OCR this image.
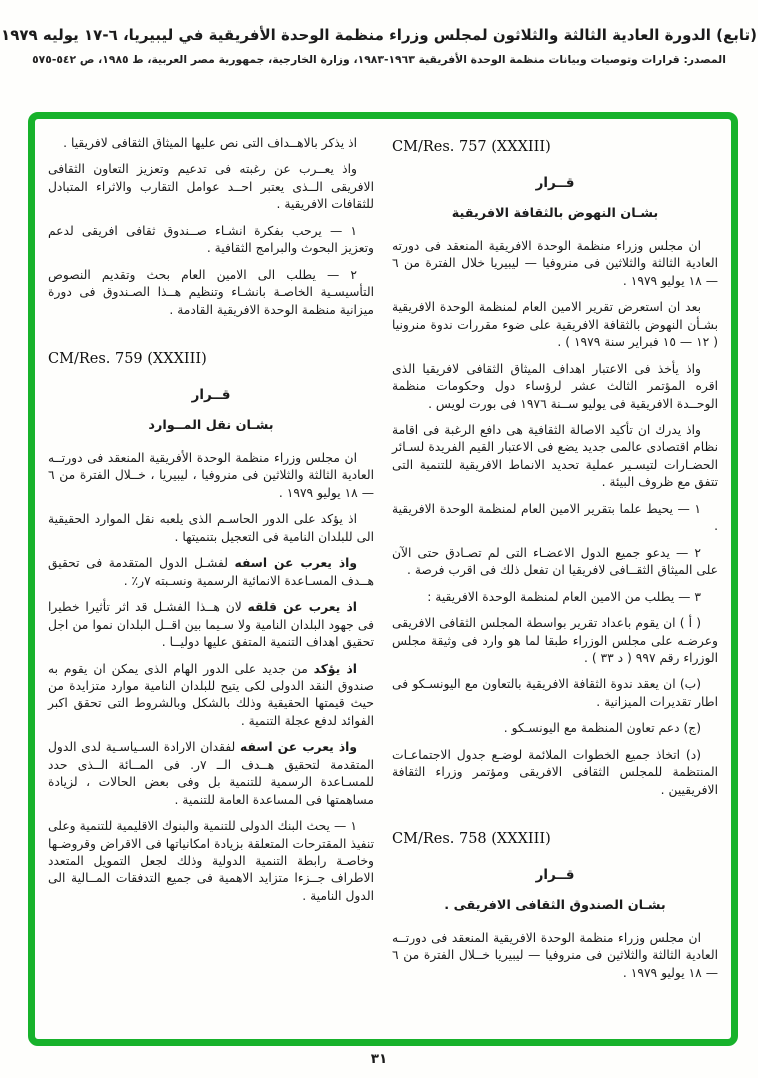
(تابع) الدورة العادية الثالثة والثلاثون لمجلس وزراء منظمة الوحدة الأفريقية في ليبيريا، ٦-١٧ يوليه ١٩٧٩
المصدر: قرارات وتوصيات وبيانات منظمة الوحدة الأفريقية ١٩٦٣-١٩٨٣، وزارة الخارجية، جمهورية مصر العربية، ط ١٩٨٥، ص ٥٤٢-٥٧٥
CM/Res. 757 (XXXIII)
قــرار
بشـان النهوض بالثقافة الافريقية

ان مجلس وزراء منظمة الوحدة الافريقية المنعقد فى دورته العادية الثالثة والثلاثين فى منروفيا — ليبيريا خلال الفترة من ٦ — ١٨ يوليو ١٩٧٩ .

بعد ان استعرض تقرير الامين العام لمنظمة الوحدة الافريقية بشـأن النهوض بالثقافة الافريقية على ضوء مقررات ندوة منرونيا ( ١٢ — ١٥ فبراير سنة ١٩٧٩ ) .

واذ يأخذ فى الاعتبار اهداف الميثاق الثقافى لافريقيا الذى اقره المؤتمر الثالث عشر لرؤساء دول وحكومات منظمة الوحــدة الافريقية فى يوليو ســنة ١٩٧٦ فى بورت لويس .

واذ يدرك ان تأكيد الاصالة الثقافية هى دافع الرغبة فى اقامة نظام اقتصادى عالمى جديد يضع فى الاعتبار القيم الفريدة لسـائر الحضـارات لتيسـير عملية تحديد الانماط الافريقية للتنمية التى تتفق مع ظروف البيئة .

١ — يحيط علما بتقرير الامين العام لمنظمة الوحدة الافريقية .

٢ — يدعو جميع الدول الاعضـاء التى لم تصـادق حتى الآن على الميثاق الثقــافى لافريقيا ان تفعل ذلك فى اقرب فرصة .

٣ — يطلب من الامين العام لمنظمة الوحدة الافريقية :

( أ ) ان يقوم باعداد تقرير بواسطة المجلس الثقافى الافريقى وعرضـه على مجلس الوزراء طبقا لما هو وارد فى وثيقة مجلس الوزراء رقم ٩٩٧ ( د ٣٣ ) .

(ب) ان يعقد ندوة الثقافة الافريقية بالتعاون مع اليونسـكو فى اطار تقديرات الميزانية .

(ج) دعم تعاون المنظمة مع اليونسـكو .

(د) اتخاذ جميع الخطوات الملائمة لوضـع جدول الاجتماعـات المنتظمة للمجلس الثقافى الافريقى ومؤتمر وزراء الثقافة الافريقيين .

CM/Res. 758 (XXXIII)
قــرار
بشـان الصندوق الثقافى الافريقى .

ان مجلس وزراء منظمة الوحدة الافريقية المنعقد فى دورتــه العادية الثالثة والثلاثين فى منروفيا — ليبيريا خــلال الفترة من ٦ — ١٨ يوليو ١٩٧٩ .

اذ يذكر بالاهــداف التى نص عليها الميثاق الثقافى لافريقيا .

واذ يعــرب عن رغبته فى تدعيم وتعزيز التعاون الثقافى الافريقى الــذى يعتبر احــد عوامل التقارب والاثراء المتبادل للثقافات الافريقية .

١ — يرحب بفكرة انشـاء صــندوق ثقافى افريقى لدعم وتعزيز البحوث والبرامج الثقافية .

٢ — يطلب الى الامين العام بحث وتقديم النصوص التأسيسـية الخاصـة بانشـاء وتنظيم هــذا الصـندوق فى دورة ميزانية منظمة الوحدة الافريقية القادمة .

CM/Res. 759 (XXXIII)
قــرار
بشـان نقل المــوارد

ان مجلس وزراء منظمة الوحدة الأفريقية المنعقد فى دورتــه العادية الثالثة والثلاثين فى منروفيا ، ليبيريا ، خــلال الفترة من ٦ — ١٨ يوليو ١٩٧٩ .

اذ يؤكد على الدور الحاسـم الذى يلعبه نقل الموارد الحقيقية الى للبلدان النامية فى التعجيل بتنميتها .

واذ يعرب عن اسفه لفشـل الدول المتقدمة فى تحقيق هــدف المسـاعدة الانمائية الرسمية ونسـبته ٧ر٪ .

اذ يعرب عن قلقه لان هــذا الفشـل قد اثر تأثيرا خطيرا فى جهود البلدان النامية ولا سـيما بين اقــل البلدان نموا من اجل تحقيق اهداف التنمية المتفق عليها دوليــا .

اذ يؤكد من جديد على الدور الهام الذى يمكن ان يقوم به صندوق النقد الدولى لكى يتيح للبلدان النامية موارد متزايدة من حيث قيمتها الحقيقية وذلك بالشكل وبالشروط التى تحقق اكبر الفوائد لدفع عجلة التنمية .

واذ يعرب عن اسفه لفقدان الارادة السـياسـية لدى الدول المتقدمة لتحقيق هــدف الــ ٧ر. فى المــائة الــذى حدد للمسـاعدة الرسمية للتنمية بل وفى بعض الحالات ، لزيادة مساهمتها فى المساعدة العامة للتنمية .

١ — يحث البنك الدولى للتنمية والبنوك الاقليمية للتنمية وعلى تنفيذ المقترحات المتعلقة بزيادة امكانياتها فى الاقراض وقروضـها وخاصـة رابطة التنمية الدولية وذلك لجعل التمويل المتعدد الاطراف جــزءا متزايد الاهمية فى جميع التدفقات المــالية الى الدول النامية .

٣١
